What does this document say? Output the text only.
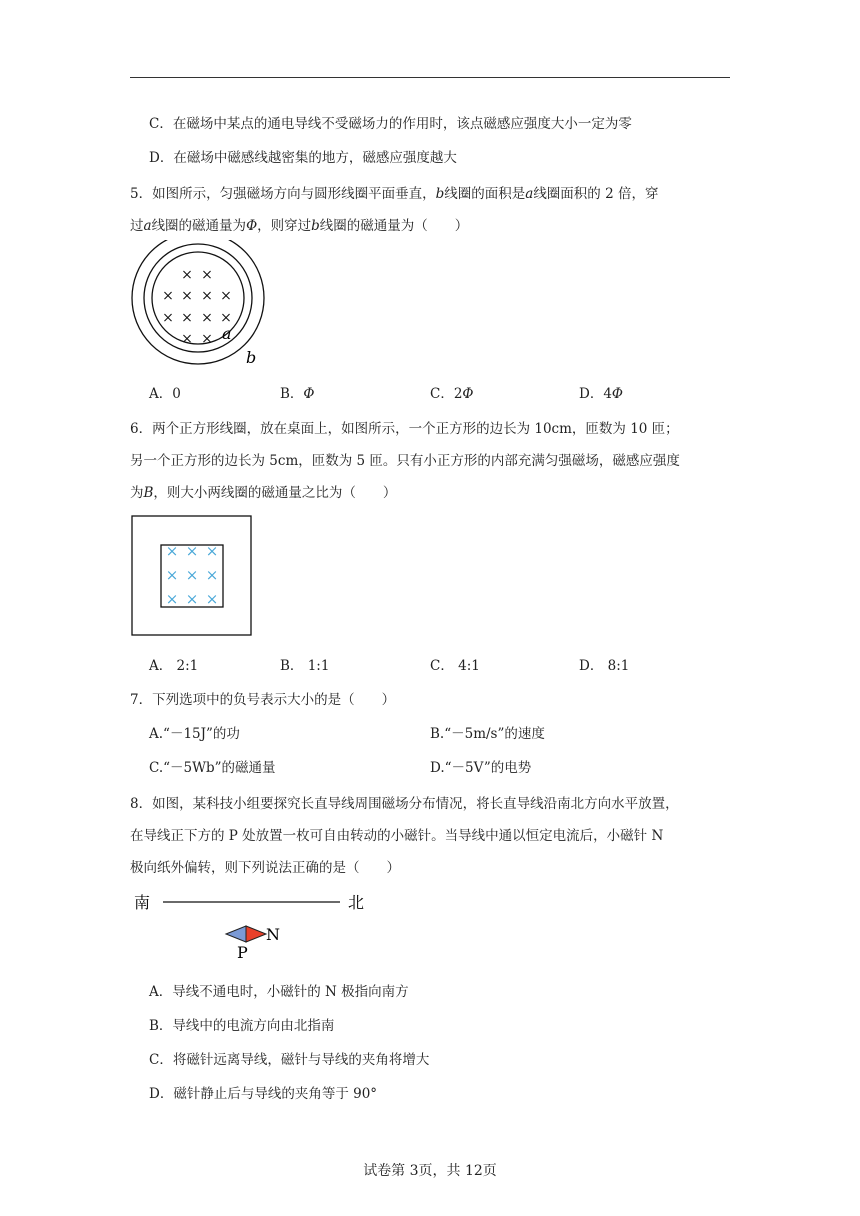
C．在磁场中某点的通电导线不受磁场力的作用时，该点磁感应强度大小一定为零
D．在磁场中磁感线越密集的地方，磁感应强度越大
5．如图所示，匀强磁场方向与圆形线圈平面垂直，b线圈的面积是a线圈面积的 2 倍，穿
过a线圈的磁通量为Φ，则穿过b线圈的磁通量为（　　）
× ×
× × × ×
× × × ×
× × a
b
A．0	B．Φ	C．2Φ	D．4Φ
6．两个正方形线圈，放在桌面上，如图所示，一个正方形的边长为 10cm，匝数为 10 匝；
另一个正方形的边长为 5cm，匝数为 5 匝。只有小正方形的内部充满匀强磁场，磁感应强度
为B，则大小两线圈的磁通量之比为（　　）
×
×
×
×
×
×
×
×
×
A． 2:1	B． 1:1	C． 4:1	D． 8:1
7．下列选项中的负号表示大小的是（　　）
A.“－15J”的功	B.“－5m/s”的速度
C.“－5Wb”的磁通量	D.“－5V”的电势
8．如图，某科技小组要探究长直导线周围磁场分布情况，将长直导线沿南北方向水平放置，
在导线正下方的 P 处放置一枚可自由转动的小磁针。当导线中通以恒定电流后，小磁针 N
极向纸外偏转，则下列说法正确的是（　　）
南	北
N
P
A．导线不通电时，小磁针的 N 极指向南方
B．导线中的电流方向由北指南
C．将磁针远离导线，磁针与导线的夹角将增大
D．磁针静止后与导线的夹角等于 90°
试卷第 3页，共 12页
